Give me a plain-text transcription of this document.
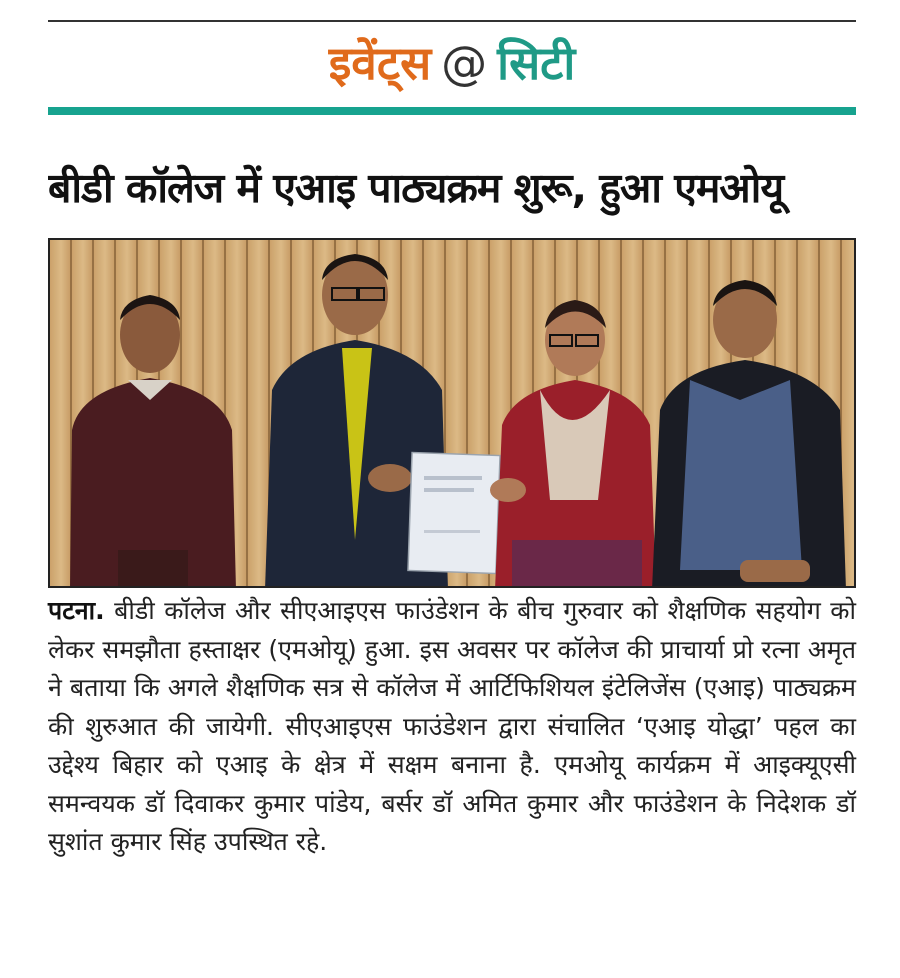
इवेंट्स @ सिटी
बीडी कॉलेज में एआइ पाठ्यक्रम शुरू, हुआ एमओयू
पटना. बीडी कॉलेज और सीएआइएस फाउंडेशन के बीच गुरुवार को शैक्षणिक सहयोग को लेकर समझौता हस्ताक्षर (एमओयू) हुआ. इस अवसर पर कॉलेज की प्राचार्या प्रो रत्ना अमृत ने बताया कि अगले शैक्षणिक सत्र से कॉलेज में आर्टिफिशियल इंटेलिजेंस (एआइ) पाठ्यक्रम की शुरुआत की जायेगी. सीएआइएस फाउंडेशन द्वारा संचालित ‘एआइ योद्धा’ पहल का उद्देश्य बिहार को एआइ के क्षेत्र में सक्षम बनाना है. एमओयू कार्यक्रम में आइक्यूएसी समन्वयक डॉ दिवाकर कुमार पांडेय, बर्सर डॉ अमित कुमार और फाउंडेशन के निदेशक डॉ सुशांत कुमार सिंह उपस्थित रहे.
